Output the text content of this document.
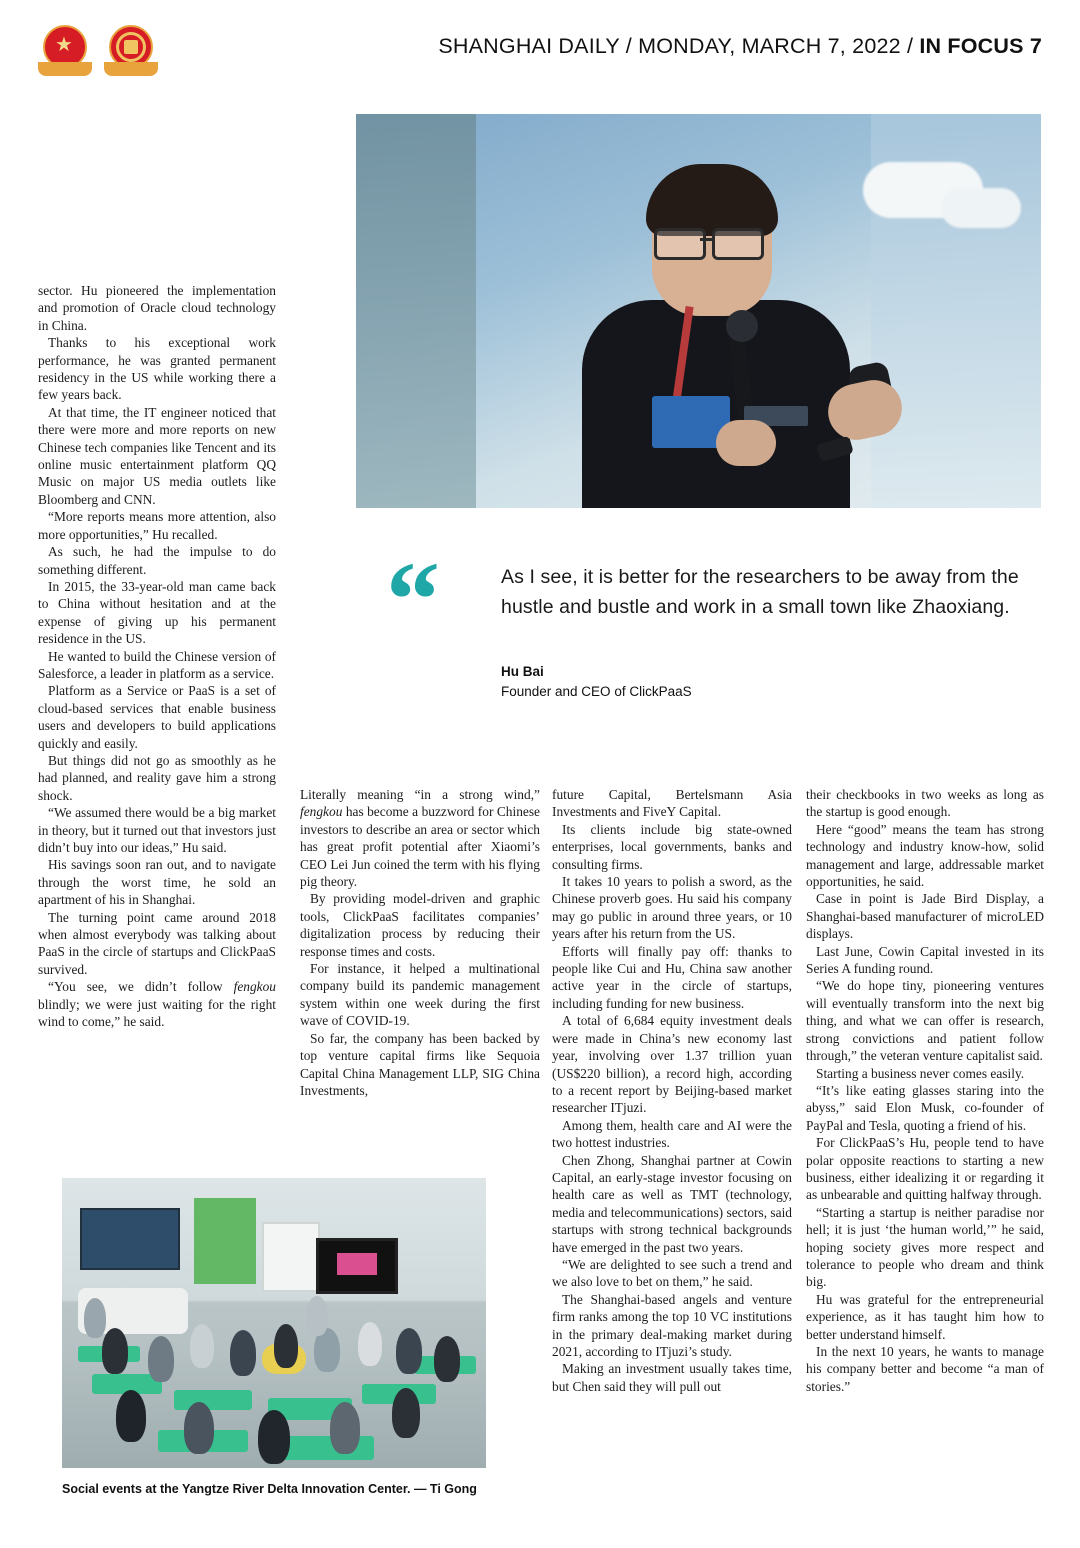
★	SHANGHAI DAILY / MONDAY, MARCH 7, 2022 / IN FOCUS 7
“	As I see, it is better for the researchers to be away from the hustle and bustle and work in a small town like Zhaoxiang.
Hu Bai
Founder and CEO of ClickPaaS

sector. Hu pioneered the implementation and promotion of Oracle cloud technology in China.

Thanks to his exceptional work performance, he was granted permanent residency in the US while working there a few years back.

At that time, the IT engineer noticed that there were more and more reports on new Chinese tech companies like Tencent and its online music entertainment platform QQ Music on major US media outlets like Bloomberg and CNN.

“More reports means more attention, also more opportunities,” Hu recalled.

As such, he had the impulse to do something different.

In 2015, the 33-year-old man came back to China without hesitation and at the expense of giving up his permanent residence in the US.

He wanted to build the Chinese version of Salesforce, a leader in platform as a service.

Platform as a Service or PaaS is a set of cloud-based services that enable business users and developers to build applications quickly and easily.

But things did not go as smoothly as he had planned, and reality gave him a strong shock.

“We assumed there would be a big market in theory, but it turned out that investors just didn’t buy into our ideas,” Hu said.

His savings soon ran out, and to navigate through the worst time, he sold an apartment of his in Shanghai.

The turning point came around 2018 when almost everybody was talking about PaaS in the circle of startups and ClickPaaS survived.

“You see, we didn’t follow fengkou blindly; we were just waiting for the right wind to come,” he said.

Literally meaning “in a strong wind,” fengkou has become a buzzword for Chinese investors to describe an area or sector which has great profit potential after Xiaomi’s CEO Lei Jun coined the term with his flying pig theory.

By providing model-driven and graphic tools, ClickPaaS facilitates companies’ digitalization process by reducing their response times and costs.

For instance, it helped a multinational company build its pandemic management system within one week during the first wave of COVID-19.

So far, the company has been backed by top venture capital firms like Sequoia Capital China Management LLP, SIG China Investments,

future Capital, Bertelsmann Asia Investments and FiveY Capital.

Its clients include big state-owned enterprises, local governments, banks and consulting firms.

It takes 10 years to polish a sword, as the Chinese proverb goes. Hu said his company may go public in around three years, or 10 years after his return from the US.

Efforts will finally pay off: thanks to people like Cui and Hu, China saw another active year in the circle of startups, including funding for new business.

A total of 6,684 equity investment deals were made in China’s new economy last year, involving over 1.37 trillion yuan (US$220 billion), a record high, according to a recent report by Beijing-based market researcher ITjuzi.

Among them, health care and AI were the two hottest industries.

Chen Zhong, Shanghai partner at Cowin Capital, an early-stage investor focusing on health care as well as TMT (technology, media and telecommunications) sectors, said startups with strong technical backgrounds have emerged in the past two years.

“We are delighted to see such a trend and we also love to bet on them,” he said.

The Shanghai-based angels and venture firm ranks among the top 10 VC institutions in the primary deal-making market during 2021, according to ITjuzi’s study.

Making an investment usually takes time, but Chen said they will pull out

their checkbooks in two weeks as long as the startup is good enough.

Here “good” means the team has strong technology and industry know-how, solid management and large, addressable market opportunities, he said.

Case in point is Jade Bird Display, a Shanghai-based manufacturer of microLED displays.

Last June, Cowin Capital invested in its Series A funding round.

“We do hope tiny, pioneering ventures will eventually transform into the next big thing, and what we can offer is research, strong convictions and patient follow through,” the veteran venture capitalist said.

Starting a business never comes easily.

“It’s like eating glasses staring into the abyss,” said Elon Musk, co-founder of PayPal and Tesla, quoting a friend of his.

For ClickPaaS’s Hu, people tend to have polar opposite reactions to starting a new business, either idealizing it or regarding it as unbearable and quitting halfway through.

“Starting a startup is neither paradise nor hell; it is just ‘the human world,’” he said, hoping society gives more respect and tolerance to people who dream and think big.

Hu was grateful for the entrepreneurial experience, as it has taught him how to better understand himself.

In the next 10 years, he wants to manage his company better and become “a man of stories.”

Social events at the Yangtze River Delta Innovation Center. — Ti Gong
